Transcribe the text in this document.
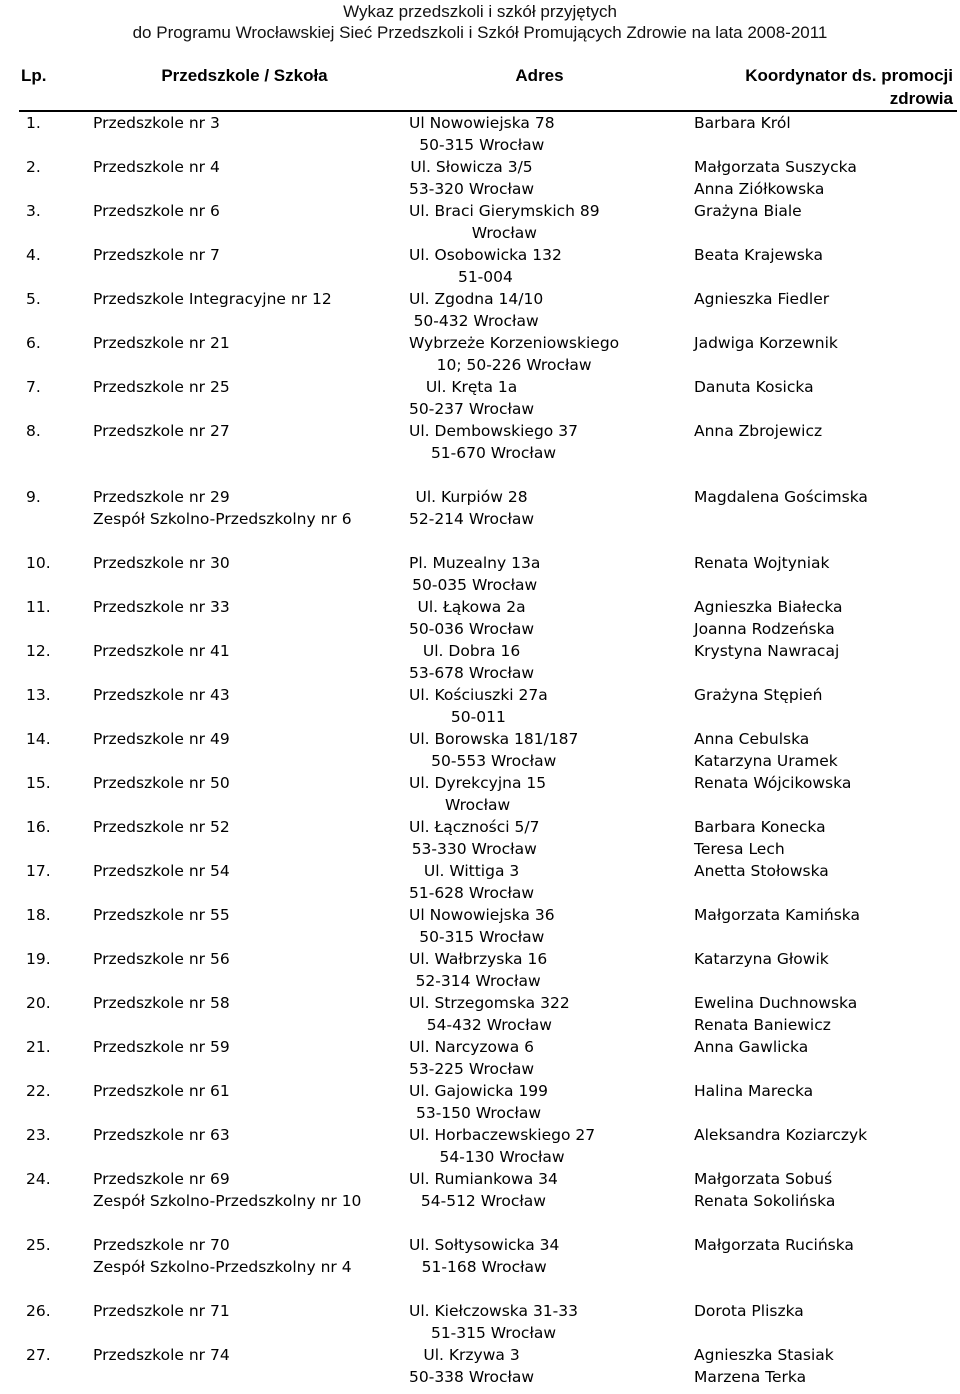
Wykaz przedszkoli i szkół przyjętych
do Programu Wrocławskiej Sieć Przedszkoli i Szkół Promujących Zdrowie na lata 2008-2011
Lp.	Przedszkole / Szkoła	Adres	Koordynator ds. promocji
zdrowia

1.	Przedszkole nr 3	Ul Nowowiejska 78
50-315 Wrocław	Barbara Król

2.	Przedszkole nr 4	Ul. Słowicza 3/5
53-320 Wrocław	Małgorzata Suszycka
Anna Ziółkowska

3.	Przedszkole nr 6	Ul. Braci Gierymskich 89
Wrocław	Grażyna Biale

4.	Przedszkole nr 7	Ul. Osobowicka 132
51-004	Beata Krajewska

5.	Przedszkole Integracyjne nr 12	Ul. Zgodna 14/10
50-432 Wrocław	Agnieszka Fiedler

6.	Przedszkole nr 21	Wybrzeże Korzeniowskiego
10; 50-226 Wrocław	Jadwiga Korzewnik

7.	Przedszkole nr 25	Ul. Kręta 1a
50-237 Wrocław	Danuta Kosicka

8.	Przedszkole nr 27	Ul. Dembowskiego 37
51-670 Wrocław	Anna Zbrojewicz

9.	Przedszkole nr 29
Zespół Szkolno-Przedszkolny nr 6	Ul. Kurpiów 28
52-214 Wrocław	Magdalena Gościmska

10.	Przedszkole nr 30	Pl. Muzealny 13a
50-035 Wrocław	Renata Wojtyniak

11.	Przedszkole nr 33	Ul. Łąkowa 2a
50-036 Wrocław	Agnieszka Białecka
Joanna Rodzeńska

12.	Przedszkole nr 41	Ul. Dobra 16
53-678 Wrocław	Krystyna Nawracaj

13.	Przedszkole nr 43	Ul. Kościuszki 27a
50-011	Grażyna Stępień

14.	Przedszkole nr 49	Ul. Borowska 181/187
50-553 Wrocław	Anna Cebulska
Katarzyna Uramek

15.	Przedszkole nr 50	Ul. Dyrekcyjna 15
Wrocław	Renata Wójcikowska

16.	Przedszkole nr 52	Ul. Łączności 5/7
53-330 Wrocław	Barbara Konecka
Teresa Lech

17.	Przedszkole nr 54	Ul. Wittiga 3
51-628 Wrocław	Anetta Stołowska

18.	Przedszkole nr 55	Ul Nowowiejska 36
50-315 Wrocław	Małgorzata Kamińska

19.	Przedszkole nr 56	Ul. Wałbrzyska 16
52-314 Wrocław	Katarzyna Głowik

20.	Przedszkole nr 58	Ul. Strzegomska 322
54-432 Wrocław	Ewelina Duchnowska
Renata Baniewicz

21.	Przedszkole nr 59	Ul. Narcyzowa 6
53-225 Wrocław	Anna Gawlicka

22.	Przedszkole nr 61	Ul. Gajowicka 199
53-150 Wrocław	Halina Marecka

23.	Przedszkole nr 63	Ul. Horbaczewskiego 27
54-130 Wrocław	Aleksandra Koziarczyk

24.	Przedszkole nr 69
Zespół Szkolno-Przedszkolny nr 10	Ul. Rumiankowa 34
54-512 Wrocław	Małgorzata Sobuś
Renata Sokolińska

25.	Przedszkole nr 70
Zespół Szkolno-Przedszkolny nr 4	Ul. Sołtysowicka 34
51-168 Wrocław	Małgorzata Rucińska

26.	Przedszkole nr 71	Ul. Kiełczowska 31-33
51-315 Wrocław	Dorota Pliszka

27.	Przedszkole nr 74	Ul. Krzywa 3
50-338 Wrocław	Agnieszka Stasiak
Marzena Terka
